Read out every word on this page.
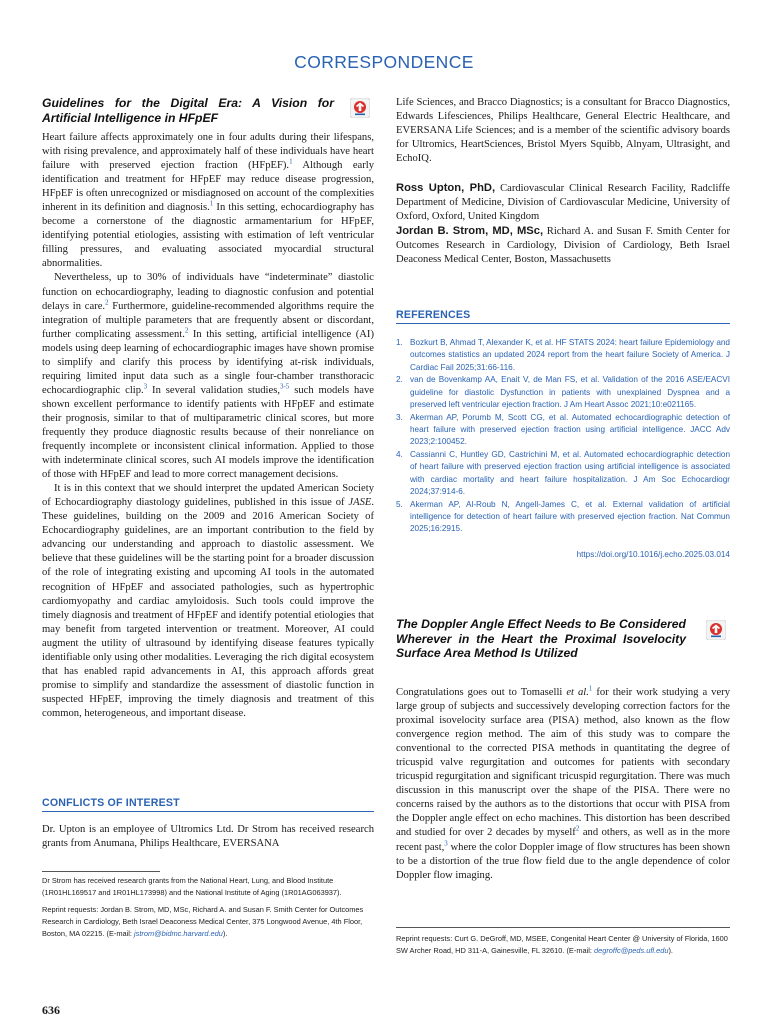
CORRESPONDENCE

Guidelines for the Digital Era: A Vision for Artificial Intelligence in HFpEF

Heart failure affects approximately one in four adults during their lifespans, with rising prevalence, and approximately half of these individuals have heart failure with preserved ejection fraction (HFpEF).$^1$ Although early identification and treatment for HFpEF may reduce disease progression, HFpEF is often unrecognized or misdiagnosed on account of the complexities inherent in its definition and diagnosis.$^1$ In this setting, echocardiography has become a cornerstone of the diagnostic armamentarium for HFpEF, identifying potential etiologies, assisting with estimation of left ventricular filling pressures, and evaluating associated myocardial structural abnormalities.

Nevertheless, up to 30% of individuals have “indeterminate” diastolic function on echocardiography, leading to diagnostic confusion and potential delays in care.$^2$ Furthermore, guideline-recommended algorithms require the integration of multiple parameters that are frequently absent or discordant, further complicating assessment.$^2$ In this setting, artificial intelligence (AI) models using deep learning of echocardiographic images have shown promise to simplify and clarify this process by identifying at-risk individuals, requiring limited input data such as a single four-chamber transthoracic echocardiographic clip.$^3$ In several validation studies,$^{3-5}$ such models have shown excellent performance to identify patients with HFpEF and estimate their prognosis, similar to that of multiparametric clinical scores, but more frequently they produce diagnostic results because of their nonreliance on frequently incomplete or inconsistent clinical information. Applied to those with indeterminate clinical scores, such AI models improve the identification of those with HFpEF and lead to more correct management decisions.

It is in this context that we should interpret the updated American Society of Echocardiography diastology guidelines, published in this issue of JASE. These guidelines, building on the 2009 and 2016 American Society of Echocardiography guidelines, are an important contribution to the field by advancing our understanding and approach to diastolic assessment. We believe that these guidelines will be the starting point for a broader discussion of the role of integrating existing and upcoming AI tools in the automated recognition of HFpEF and associated pathologies, such as hypertrophic cardiomyopathy and cardiac amyloidosis. Such tools could improve the timely diagnosis and treatment of HFpEF and identify potential etiologies that may benefit from targeted intervention or treatment. Moreover, AI could augment the utility of ultrasound by identifying disease features typically identifiable only using other modalities. Leveraging the rich digital ecosystem that has enabled rapid advancements in AI, this approach affords great promise to simplify and standardize the assessment of diastolic function in suspected HFpEF, improving the timely diagnosis and treatment of this common, heterogeneous, and important disease.

CONFLICTS OF INTEREST

Dr. Upton is an employee of Ultromics Ltd. Dr Strom has received research grants from Anumana, Philips Healthcare, EVERSANA

Dr Strom has received research grants from the National Heart, Lung, and Blood Institute (1R01HL169517 and 1R01HL173998) and the National Institute of Aging (1R01AG063937).

Reprint requests: Jordan B. Strom, MD, MSc, Richard A. and Susan F. Smith Center for Outcomes Research in Cardiology, Beth Israel Deaconess Medical Center, 375 Longwood Avenue, 4th Floor, Boston, MA 02215. (E-mail: jstrom@bidmc.harvard.edu).

636

Life Sciences, and Bracco Diagnostics; is a consultant for Bracco Diagnostics, Edwards Lifesciences, Philips Healthcare, General Electric Healthcare, and EVERSANA Life Sciences; and is a member of the scientific advisory boards for Ultromics, HeartSciences, Bristol Myers Squibb, Alnyam, Ultrasight, and EchoIQ.

Ross Upton, PhD, Cardiovascular Clinical Research Facility, Radcliffe Department of Medicine, Division of Cardiovascular Medicine, University of Oxford, Oxford, United Kingdom

Jordan B. Strom, MD, MSc, Richard A. and Susan F. Smith Center for Outcomes Research in Cardiology, Division of Cardiology, Beth Israel Deaconess Medical Center, Boston, Massachusetts

REFERENCES
1. Bozkurt B, Ahmad T, Alexander K, et al. HF STATS 2024: heart failure Epidemiology and outcomes statistics an updated 2024 report from the heart failure Society of America. J Cardiac Fail 2025;31:66-116.
2. van de Bovenkamp AA, Enait V, de Man FS, et al. Validation of the 2016 ASE/EACVI guideline for diastolic Dysfunction in patients with unexplained Dyspnea and a preserved left ventricular ejection fraction. J Am Heart Assoc 2021;10:e021165.
3. Akerman AP, Porumb M, Scott CG, et al. Automated echocardiographic detection of heart failure with preserved ejection fraction using artificial intelligence. JACC Adv 2023;2:100452.
4. Cassianni C, Huntley GD, Castrichini M, et al. Automated echocardiographic detection of heart failure with preserved ejection fraction using artificial intelligence is associated with cardiac mortality and heart failure hospitalization. J Am Soc Echocardiogr 2024;37:914-6.
5. Akerman AP, Al-Roub N, Angell-James C, et al. External validation of artificial intelligence for detection of heart failure with preserved ejection fraction. Nat Commun 2025;16:2915.
https://doi.org/10.1016/j.echo.2025.03.014

The Doppler Angle Effect Needs to Be Considered Wherever in the Heart the Proximal Isovelocity Surface Area Method Is Utilized

Congratulations goes out to Tomaselli et al.$^1$ for their work studying a very large group of subjects and successively developing correction factors for the proximal isovelocity surface area (PISA) method, also known as the flow convergence region method. The aim of this study was to compare the conventional to the corrected PISA methods in quantitating the degree of tricuspid valve regurgitation and outcomes for patients with secondary tricuspid regurgitation and significant tricuspid regurgitation. There was much discussion in this manuscript over the shape of the PISA. There were no concerns raised by the authors as to the distortions that occur with PISA from the Doppler angle effect on echo machines. This distortion has been described and studied for over 2 decades by myself$^2$ and others, as well as in the more recent past,$^3$ where the color Doppler image of flow structures has been shown to be a distortion of the true flow field due to the angle dependence of color Doppler flow imaging.

Reprint requests: Curt G. DeGroff, MD, MSEE, Congenital Heart Center @ University of Florida, 1600 SW Archer Road, HD 311-A, Gainesville, FL 32610. (E-mail: degroffc@peds.ufl.edu).
